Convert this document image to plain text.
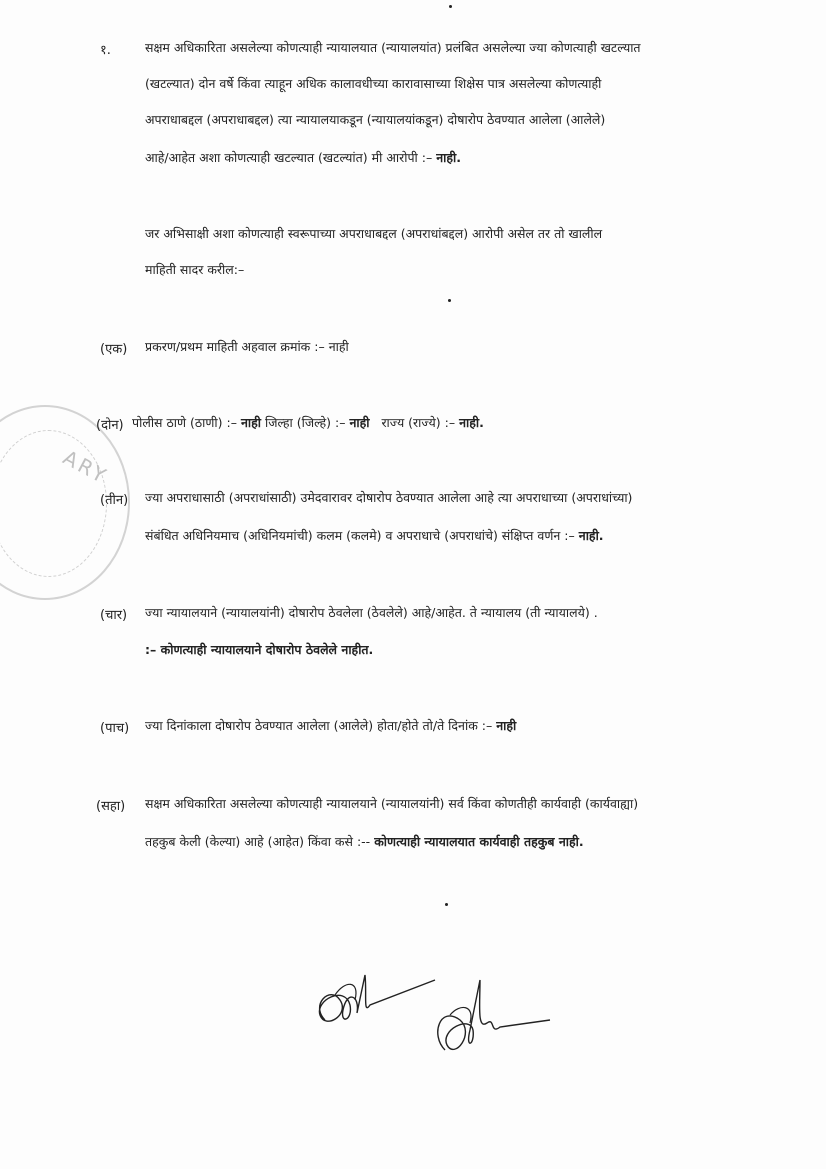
ARY
१.	सक्षम अधिकारिता असलेल्या कोणत्याही न्यायालयात (न्यायालयांत) प्रलंबित असलेल्या ज्या कोणत्याही खटल्यात
(खटल्यात) दोन वर्षे किंवा त्याहून अधिक कालावधीच्या कारावासाच्या शिक्षेस पात्र असलेल्या कोणत्याही
अपराधाबद्दल (अपराधाबद्दल) त्या न्यायालयाकडून (न्यायालयांकडून) दोषारोप ठेवण्यात आलेला (आलेले)
आहे/आहेत अशा कोणत्याही खटल्यात (खटल्यांत) मी आरोपी :– नाही.
जर अभिसाक्षी अशा कोणत्याही स्वरूपाच्या अपराधाबद्दल (अपराधांबद्दल) आरोपी असेल तर तो खालील
माहिती सादर करील:–
(एक) प्रकरण/प्रथम माहिती अहवाल क्रमांक :– नाही
(दोन) पोलीस ठाणे (ठाणी) :– नाही जिल्हा (जिल्हे) :– नाही राज्य (राज्ये) :– नाही.
(तीन) ज्या अपराधासाठी (अपराधांसाठी) उमेदवारावर दोषारोप ठेवण्यात आलेला आहे त्या अपराधाच्या (अपराधांच्या)
संबंधित अधिनियमाच (अधिनियमांची) कलम (कलमे) व अपराधाचे (अपराधांचे) संक्षिप्त वर्णन :– नाही.
(चार) ज्या न्यायालयाने (न्यायालयांनी) दोषारोप ठेवलेला (ठेवलेले) आहे/आहेत. ते न्यायालय (ती न्यायालये) .
:– कोणत्याही न्यायालयाने दोषारोप ठेवलेले नाहीत.
(पाच) ज्या दिनांकाला दोषारोप ठेवण्यात आलेला (आलेले) होता/होते तो/ते दिनांक :– नाही
(सहा) सक्षम अधिकारिता असलेल्या कोणत्याही न्यायालयाने (न्यायालयांनी) सर्व किंवा कोणतीही कार्यवाही (कार्यवाह्या)
तहकुब केली (केल्या) आहे (आहेत) किंवा कसे :-- कोणत्याही न्यायालयात कार्यवाही तहकुब नाही.
